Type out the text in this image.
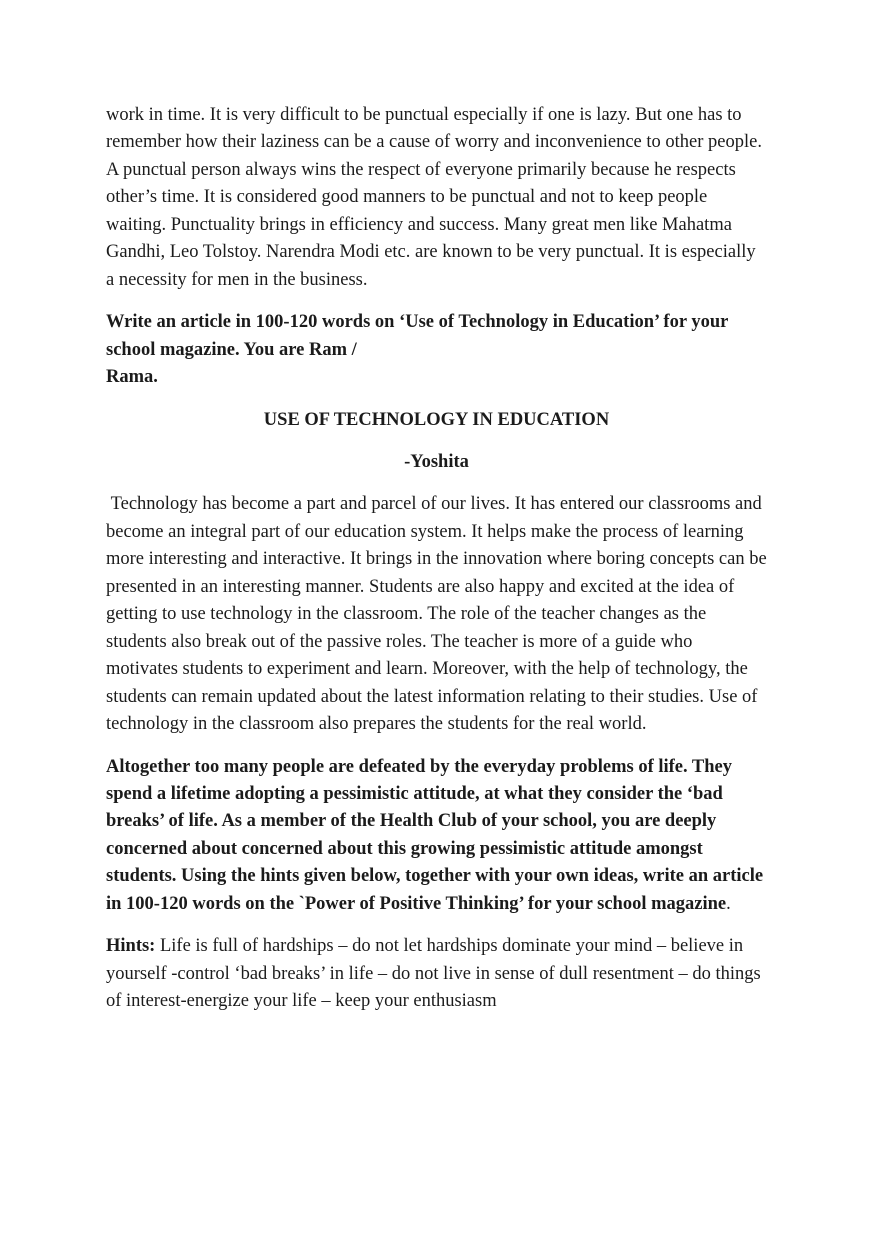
work in time. It is very difficult to be punctual especially if one is lazy. But one has to remember how their laziness can be a cause of worry and inconvenience to other people. A punctual person always wins the respect of everyone primarily because he respects other’s time. It is considered good manners to be punctual and not to keep people waiting. Punctuality brings in efficiency and success. Many great men like Mahatma Gandhi, Leo Tolstoy. Narendra Modi etc. are known to be very punctual. It is especially a necessity for men in the business.

Write an article in 100-120 words on ‘Use of Technology in Education’ for your school magazine. You are Ram /
Rama.

USE OF TECHNOLOGY IN EDUCATION

-Yoshita

Technology has become a part and parcel of our lives. It has entered our classrooms and become an integral part of our education system. It helps make the process of learning more interesting and interactive. It brings in the innovation where boring concepts can be presented in an interesting manner. Students are also happy and excited at the idea of getting to use technology in the classroom. The role of the teacher changes as the students also break out of the passive roles. The teacher is more of a guide who motivates students to experiment and learn. Moreover, with the help of technology, the students can remain updated about the latest information relating to their studies. Use of technology in the classroom also prepares the students for the real world.

Altogether too many people are defeated by the everyday problems of life. They spend a lifetime adopting a pessimistic attitude, at what they consider the ‘bad breaks’ of life. As a member of the Health Club of your school, you are deeply concerned about concerned about this growing pessimistic attitude amongst students. Using the hints given below, together with your own ideas, write an article in 100-120 words on the `Power of Positive Thinking’ for your school magazine.

Hints: Life is full of hardships – do not let hardships dominate your mind – believe in yourself -control ‘bad breaks’ in life – do not live in sense of dull resentment – do things of interest-energize your life – keep your enthusiasm
